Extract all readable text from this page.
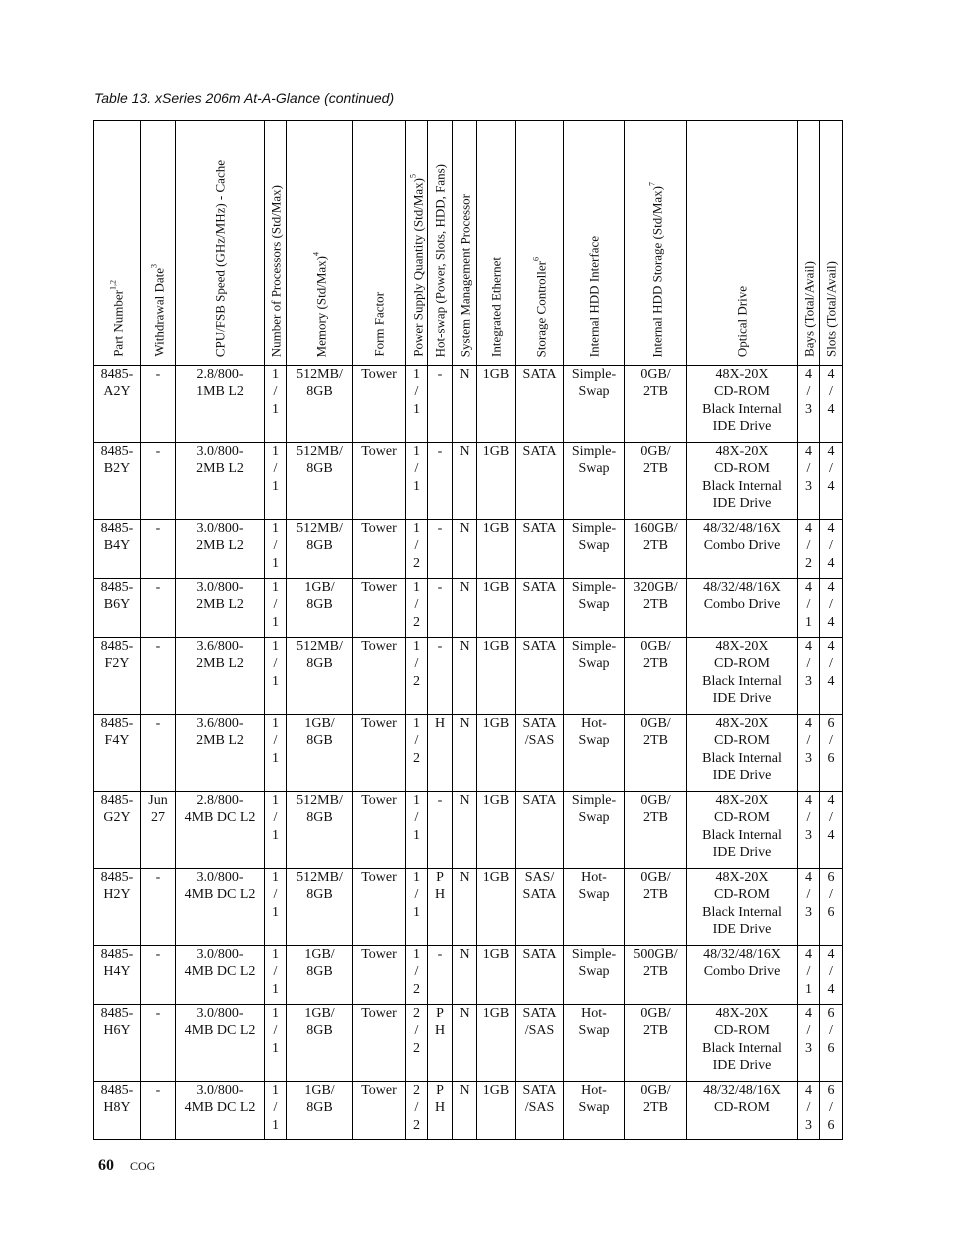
Table 13. xSeries 206m At-A-Glance (continued)
Part Number$^{1,2}$	Withdrawal Date$^3$	CPU/FSB Speed (GHz/MHz) - Cache	Number of Processors (Std/Max)	Memory $(Std/Max)^4$	Form Factor	Power Supply Quantity $(Std/Max)^5$	Hot-swap (Power, Slots, HDD, Fans)	System Management Processor	Integrated Ethernet	Storage Controller$^6$	Internal HDD Interface	Internal HDD Storage $(Std/Max)^7$	Optical Drive	Bays (Total/Avail)	Slots (Total/Avail)

8485-
A2Y	-	2.8/800-
1MB L2	1
/
1	512MB/
8GB	Tower	1
/
1	-	N	1GB	SATA	Simple-
Swap	0GB/
2TB	48X-20X
CD-ROM
Black Internal
IDE Drive	4
/
3	4
/
4

8485-
B2Y	-	3.0/800-
2MB L2	1
/
1	512MB/
8GB	Tower	1
/
1	-	N	1GB	SATA	Simple-
Swap	0GB/
2TB	48X-20X
CD-ROM
Black Internal
IDE Drive	4
/
3	4
/
4

8485-
B4Y	-	3.0/800-
2MB L2	1
/
1	512MB/
8GB	Tower	1
/
2	-	N	1GB	SATA	Simple-
Swap	160GB/
2TB	48/32/48/16X
Combo Drive	4
/
2	4
/
4

8485-
B6Y	-	3.0/800-
2MB L2	1
/
1	1GB/
8GB	Tower	1
/
2	-	N	1GB	SATA	Simple-
Swap	320GB/
2TB	48/32/48/16X
Combo Drive	4
/
1	4
/
4

8485-
F2Y	-	3.6/800-
2MB L2	1
/
1	512MB/
8GB	Tower	1
/
2	-	N	1GB	SATA	Simple-
Swap	0GB/
2TB	48X-20X
CD-ROM
Black Internal
IDE Drive	4
/
3	4
/
4

8485-
F4Y	-	3.6/800-
2MB L2	1
/
1	1GB/
8GB	Tower	1
/
2	H	N	1GB	SATA
/SAS	Hot-
Swap	0GB/
2TB	48X-20X
CD-ROM
Black Internal
IDE Drive	4
/
3	6
/
6

8485-
G2Y	Jun
27	2.8/800-
4MB DC L2	1
/
1	512MB/
8GB	Tower	1
/
1	-	N	1GB	SATA	Simple-
Swap	0GB/
2TB	48X-20X
CD-ROM
Black Internal
IDE Drive	4
/
3	4
/
4

8485-
H2Y	-	3.0/800-
4MB DC L2	1
/
1	512MB/
8GB	Tower	1
/
1	P
H	N	1GB	SAS/
SATA	Hot-
Swap	0GB/
2TB	48X-20X
CD-ROM
Black Internal
IDE Drive	4
/
3	6
/
6

8485-
H4Y	-	3.0/800-
4MB DC L2	1
/
1	1GB/
8GB	Tower	1
/
2	-	N	1GB	SATA	Simple-
Swap	500GB/
2TB	48/32/48/16X
Combo Drive	4
/
1	4
/
4

8485-
H6Y	-	3.0/800-
4MB DC L2	1
/
1	1GB/
8GB	Tower	2
/
2	P
H	N	1GB	SATA
/SAS	Hot-
Swap	0GB/
2TB	48X-20X
CD-ROM
Black Internal
IDE Drive	4
/
3	6
/
6

8485-
H8Y	-	3.0/800-
4MB DC L2	1
/
1	1GB/
8GB	Tower	2
/
2	P
H	N	1GB	SATA
/SAS	Hot-
Swap	0GB/
2TB	48/32/48/16X
CD-ROM	4
/
3	6
/
6
60 COG
